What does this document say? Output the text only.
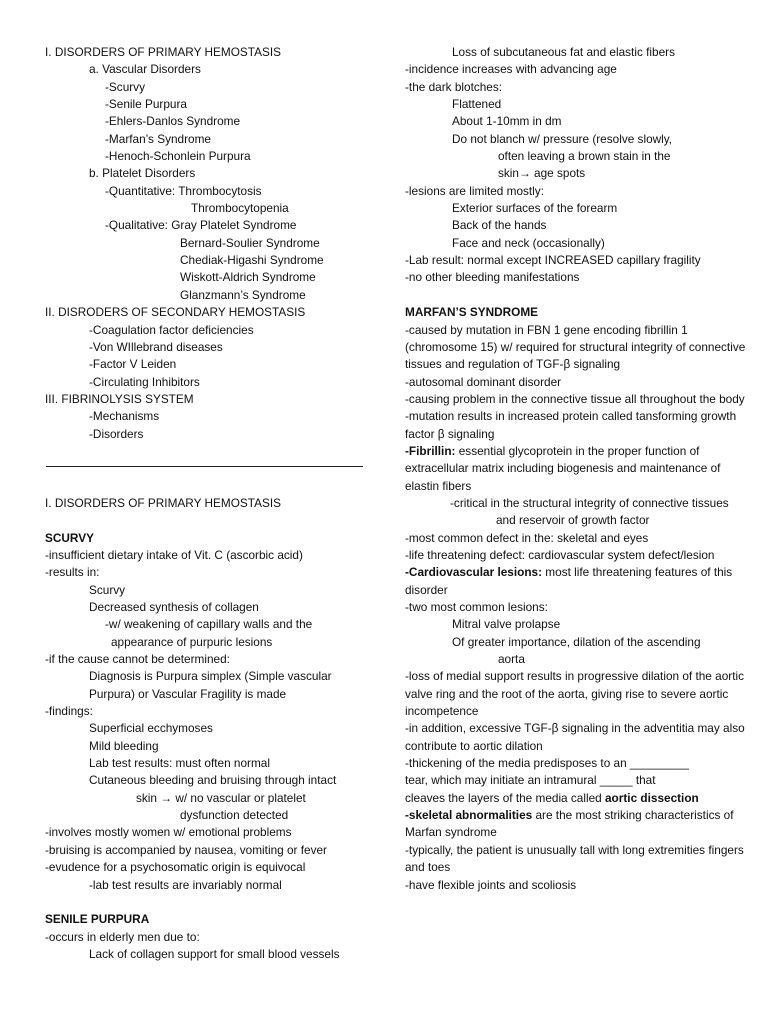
I. DISORDERS OF PRIMARY HEMOSTASIS
a. Vascular Disorders
-Scurvy
-Senile Purpura
-Ehlers-Danlos Syndrome
-Marfan’s Syndrome
-Henoch-Schonlein Purpura
b. Platelet Disorders
-Quantitative: Thrombocytosis
Thrombocytopenia
-Qualitative: Gray Platelet Syndrome
Bernard-Soulier Syndrome
Chediak-Higashi Syndrome
Wiskott-Aldrich Syndrome
Glanzmann’s Syndrome
II. DISRODERS OF SECONDARY HEMOSTASIS
-Coagulation factor deficiencies
-Von WIllebrand diseases
-Factor V Leiden
-Circulating Inhibitors
III. FIBRINOLYSIS SYSTEM
-Mechanisms
-Disorders
I. DISORDERS OF PRIMARY HEMOSTASIS
SCURVY
-insufficient dietary intake of Vit. C (ascorbic acid)
-results in:
Scurvy
Decreased synthesis of collagen
-w/ weakening of capillary walls and the
appearance of purpuric lesions
-if the cause cannot be determined:
Diagnosis is Purpura simplex (Simple vascular
Purpura) or Vascular Fragility is made
-findings:
Superficial ecchymoses
Mild bleeding
Lab test results: must often normal
Cutaneous bleeding and bruising through intact
skin → w/ no vascular or platelet
dysfunction detected
-involves mostly women w/ emotional problems
-bruising is accompanied by nausea, vomiting or fever
-evudence for a psychosomatic origin is equivocal
-lab test results are invariably normal
SENILE PURPURA
-occurs in elderly men due to:
Lack of collagen support for small blood vessels
Loss of subcutaneous fat and elastic fibers
-incidence increases with advancing age
-the dark blotches:
Flattened
About 1-10mm in dm
Do not blanch w/ pressure (resolve slowly,
often leaving a brown stain in the
skin→ age spots
-lesions are limited mostly:
Exterior surfaces of the forearm
Back of the hands
Face and neck (occasionally)
-Lab result: normal except INCREASED capillary fragility
-no other bleeding manifestations
MARFAN’S SYNDROME
-caused by mutation in FBN 1 gene encoding fibrillin 1 (chromosome 15) w/ required for structural integrity of connective tissues and regulation of TGF-β signaling
-autosomal dominant disorder
-causing problem in the connective tissue all throughout the body
-mutation results in increased protein called tansforming growth factor β signaling
-Fibrillin: essential glycoprotein in the proper function of extracellular matrix including biogenesis and maintenance of elastin fibers
-critical in the structural integrity of connective tissues and reservoir of growth factor
-most common defect in the: skeletal and eyes
-life threatening defect: cardiovascular system defect/lesion
-Cardiovascular lesions: most life threatening features of this disorder
-two most common lesions:
Mitral valve prolapse
Of greater importance, dilation of the ascending
aorta
-loss of medial support results in progressive dilation of the aortic valve ring and the root of the aorta, giving rise to severe aortic incompetence
-in addition, excessive TGF-β signaling in the adventitia may also contribute to aortic dilation
-thickening of the media predisposes to an _________
tear, which may initiate an intramural _____ that
cleaves the layers of the media called aortic dissection
-skeletal abnormalities are the most striking characteristics of Marfan syndrome
-typically, the patient is unusually tall with long extremities fingers and toes
-have flexible joints and scoliosis
